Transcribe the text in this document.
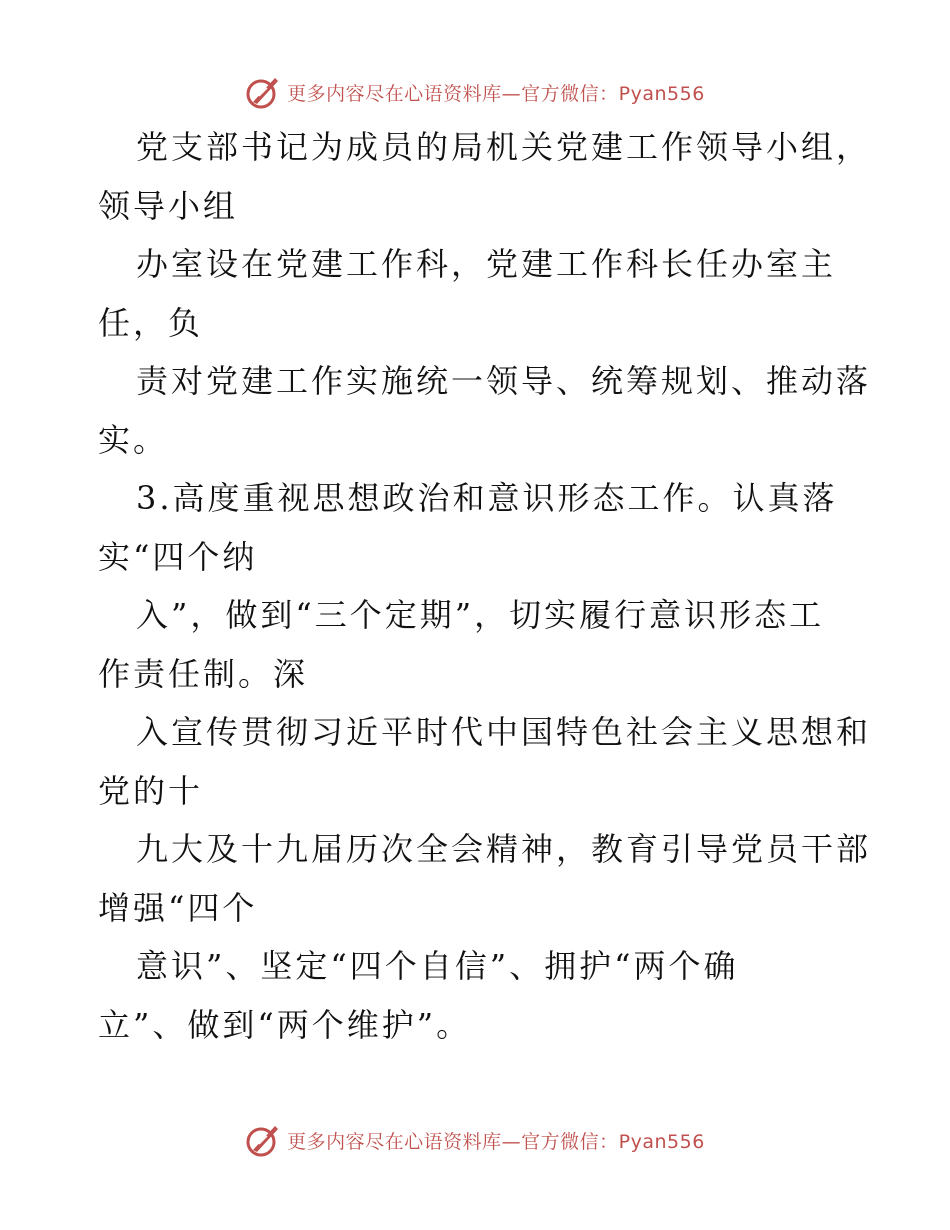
更多内容尽在心语资料库—官方微信：Pyan556
党支部书记为成员的局机关党建工作领导小组，
领导小组
办室设在党建工作科，党建工作科长任办室主
任，负
责对党建工作实施统一领导、统筹规划、推动落
实。
3.高度重视思想政治和意识形态工作。认真落
实“四个纳
入”，做到“三个定期”，切实履行意识形态工
作责任制。深
入宣传贯彻习近平时代中国特色社会主义思想和
党的十
九大及十九届历次全会精神，教育引导党员干部
增强“四个
意识”、坚定“四个自信”、拥护“两个确
立”、做到“两个维护”。
更多内容尽在心语资料库—官方微信：Pyan556
